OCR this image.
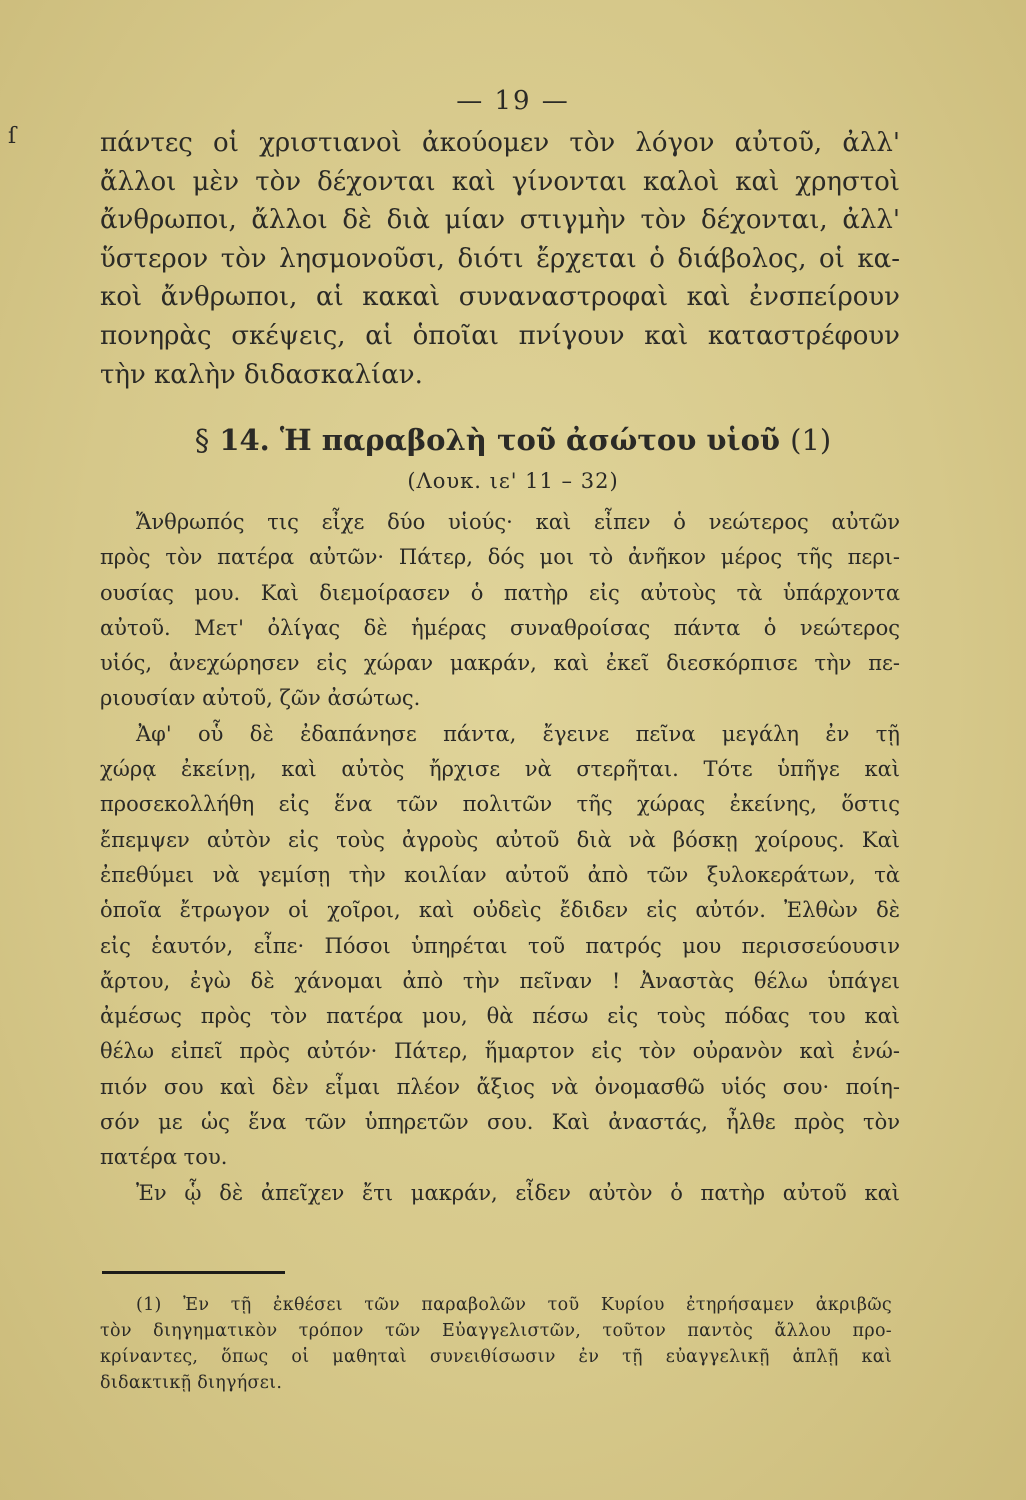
ſ
— 19 —
πάντες οἱ χριστιανοὶ ἀκούομεν τὸν λόγον αὐτοῦ, ἀλλ'
ἄλλοι μὲν τὸν δέχονται καὶ γίνονται καλοὶ καὶ χρηστοὶ
ἄνθρωποι, ἄλλοι δὲ διὰ μίαν στιγμὴν τὸν δέχονται, ἀλλ'
ὕστερον τὸν λησμονοῦσι, διότι ἔρχεται ὁ διάβολος, οἱ κα-
κοὶ ἄνθρωποι, αἱ κακαὶ συναναστροφαὶ καὶ ἐνσπείρουν
πονηρὰς σκέψεις, αἱ ὁποῖαι πνίγουν καὶ καταστρέφουν
τὴν καλὴν διδασκαλίαν.
§ 14. Ἡ παραβολὴ τοῦ ἀσώτου υἱοῦ (1)
(Λουκ. ιε' 11 – 32)
Ἄνθρωπός τις εἶχε δύο υἱούς· καὶ εἶπεν ὁ νεώτερος αὐτῶν
πρὸς τὸν πατέρα αὐτῶν· Πάτερ, δός μοι τὸ ἀνῆκον μέρος τῆς περι-
ουσίας μου. Καὶ διεμοίρασεν ὁ πατὴρ εἰς αὐτοὺς τὰ ὑπάρχοντα
αὐτοῦ. Μετ' ὀλίγας δὲ ἡμέρας συναθροίσας πάντα ὁ νεώτερος
υἱός, ἀνεχώρησεν εἰς χώραν μακράν, καὶ ἐκεῖ διεσκόρπισε τὴν πε-
ριουσίαν αὐτοῦ, ζῶν ἀσώτως.
Ἀφ' οὗ δὲ ἐδαπάνησε πάντα, ἔγεινε πεῖνα μεγάλη ἐν τῇ
χώρᾳ ἐκείνῃ, καὶ αὐτὸς ἤρχισε νὰ στερῆται. Τότε ὑπῆγε καὶ
προσεκολλήθη εἰς ἕνα τῶν πολιτῶν τῆς χώρας ἐκείνης, ὅστις
ἔπεμψεν αὐτὸν εἰς τοὺς ἀγροὺς αὐτοῦ διὰ νὰ βόσκῃ χοίρους. Καὶ
ἐπεθύμει νὰ γεμίσῃ τὴν κοιλίαν αὐτοῦ ἀπὸ τῶν ξυλοκεράτων, τὰ
ὁποῖα ἔτρωγον οἱ χοῖροι, καὶ οὐδεὶς ἔδιδεν εἰς αὐτόν. Ἐλθὼν δὲ
εἰς ἑαυτόν, εἶπε· Πόσοι ὑπηρέται τοῦ πατρός μου περισσεύουσιν
ἄρτου, ἐγὼ δὲ χάνομαι ἀπὸ τὴν πεῖναν ! Ἀναστὰς θέλω ὑπάγει
ἀμέσως πρὸς τὸν πατέρα μου, θὰ πέσω εἰς τοὺς πόδας του καὶ
θέλω εἰπεῖ πρὸς αὐτόν· Πάτερ, ἥμαρτον εἰς τὸν οὐρανὸν καὶ ἐνώ-
πιόν σου καὶ δὲν εἶμαι πλέον ἄξιος νὰ ὀνομασθῶ υἱός σου· ποίη-
σόν με ὡς ἕνα τῶν ὑπηρετῶν σου. Καὶ ἀναστάς, ἦλθε πρὸς τὸν
πατέρα του.
Ἐν ᾧ δὲ ἀπεῖχεν ἔτι μακράν, εἶδεν αὐτὸν ὁ πατὴρ αὐτοῦ καὶ
(1) Ἐν τῇ ἐκθέσει τῶν παραβολῶν τοῦ Κυρίου ἐτηρήσαμεν ἀκριβῶς
τὸν διηγηματικὸν τρόπον τῶν Εὐαγγελιστῶν, τοῦτον παντὸς ἄλλου προ-
κρίναντες, ὅπως οἱ μαθηταὶ συνειθίσωσιν ἐν τῇ εὐαγγελικῇ ἁπλῇ καὶ
διδακτικῇ διηγήσει.
